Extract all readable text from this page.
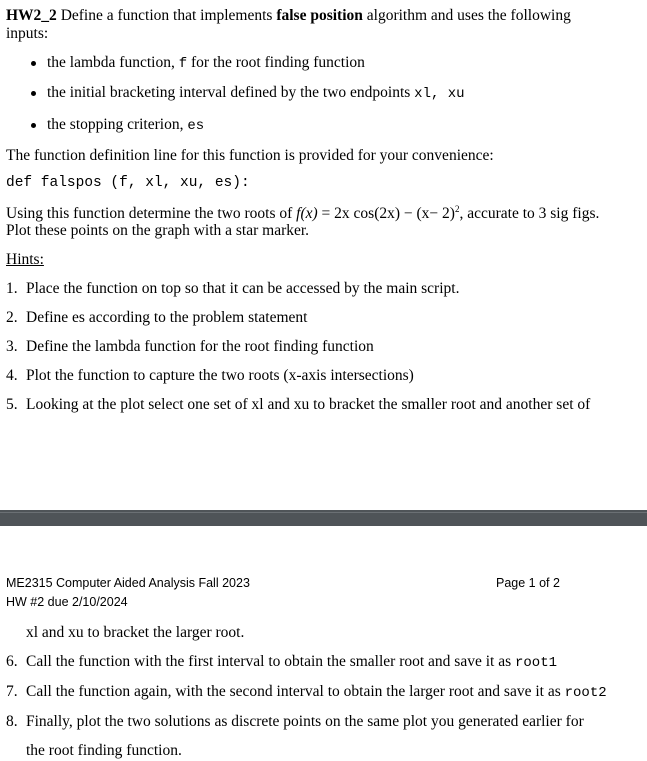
HW2_2 Define a function that implements false position algorithm and uses the following
inputs:
the lambda function, f for the root finding function
the initial bracketing interval defined by the two endpoints xl, xu
the stopping criterion, es
The function definition line for this function is provided for your convenience:
def falspos (f, xl, xu, es):
Using this function determine the two roots of f(x) = 2x $\cos(2x) - (x- 2)^2$, accurate to 3 sig figs.
Plot these points on the graph with a star marker.
Hints:
1. Place the function on top so that it can be accessed by the main script.
2. Define es according to the problem statement
3. Define the lambda function for the root finding function
4. Plot the function to capture the two roots (x-axis intersections)
5. Looking at the plot select one set of xl and xu to bracket the smaller root and another set of
ME2315 Computer Aided Analysis Fall 2023
HW #2 due 2/10/2024
Page 1 of 2
xl and xu to bracket the larger root.
6. Call the function with the first interval to obtain the smaller root and save it as root1
7. Call the function again, with the second interval to obtain the larger root and save it as root2
8. Finally, plot the two solutions as discrete points on the same plot you generated earlier for
the root finding function.
